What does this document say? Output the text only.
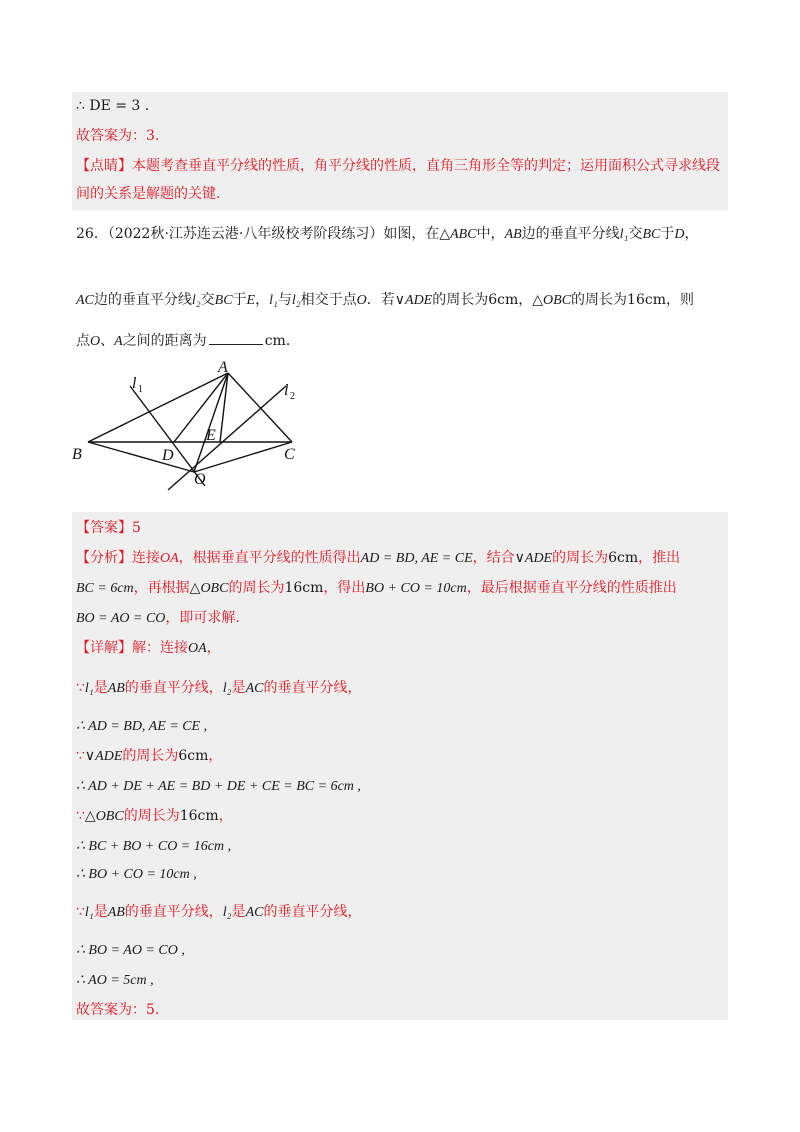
∴ DE = 3 .
故答案为：3.
【点睛】本题考查垂直平分线的性质，角平分线的性质，直角三角形全等的判定；运用面积公式寻求线段
间的关系是解题的关键.
26．（2022秋·江苏连云港·八年级校考阶段练习）如图，在△ABC中，AB边的垂直平分线l₁交BC于D，
AC边的垂直平分线l₂交BC于E，l₁与l₂相交于点O．若∨ADE的周长为6cm，△OBC的周长为16cm，则
点O、A之间的距离为	cm.
A
B	C
D
E
O
l 1	l 2
【答案】5
【分析】连接OA，根据垂直平分线的性质得出AD = BD, AE = CE，结合∨ADE的周长为6cm，推出
BC = 6cm，再根据△OBC的周长为16cm，得出BO + CO = 10cm，最后根据垂直平分线的性质推出
BO = AO = CO，即可求解.
【详解】解：连接OA，
∵l₁是AB的垂直平分线，l₂是AC的垂直平分线，
∴ AD = BD, AE = CE ,
∵∨ADE的周长为6cm，
∴ AD + DE + AE = BD + DE + CE = BC = 6cm ,
∵△OBC的周长为16cm，
∴ BC + BO + CO = 16cm ,
∴ BO + CO = 10cm ,
∵l₁是AB的垂直平分线，l₂是AC的垂直平分线，
∴ BO = AO = CO ,
∴ AO = 5cm ,
故答案为：5.
